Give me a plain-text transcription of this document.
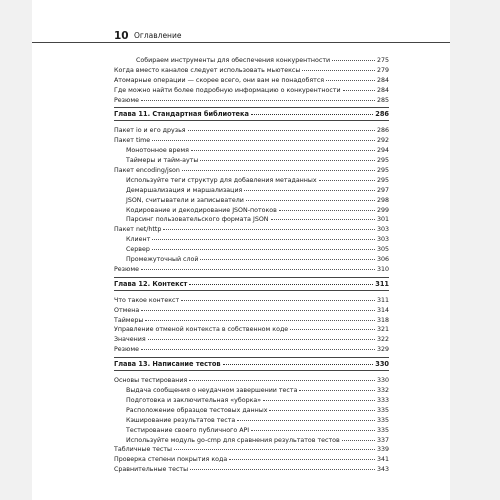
10 Оглавление
Собираем инструменты для обеспечения конкурентности	275
Когда вместо каналов следует использовать мьютексы	279
Атомарные операции — скорее всего, они вам не понадобятся	284
Где можно найти более подробную информацию о конкурентности	284
Резюме	285
Глава 11. Стандартная библиотека	286
Пакет io и его друзья	286
Пакет time	292
Монотонное время	294
Таймеры и тайм-ауты	295
Пакет encoding/json	295
Используйте теги структур для добавления метаданных	295
Демаршализация и маршализация	297
JSON, считыватели и записыватели	298
Кодирование и декодирование JSON-потоков	299
Парсинг пользовательского формата JSON	301
Пакет net/http	303
Клиент	303
Сервер	305
Промежуточный слой	306
Резюме	310
Глава 12. Контекст	311
Что такое контекст	311
Отмена	314
Таймеры	318
Управление отменой контекста в собственном коде	321
Значения	322
Резюме	329
Глава 13. Написание тестов	330
Основы тестирования	330
Выдача сообщения о неудачном завершении теста	332
Подготовка и заключительная «уборка»	333
Расположение образцов тестовых данных	335
Кэширование результатов теста	335
Тестирование своего публичного API	335
Используйте модуль go-cmp для сравнения результатов тестов	337
Табличные тесты	339
Проверка степени покрытия кода	341
Сравнительные тесты	343
